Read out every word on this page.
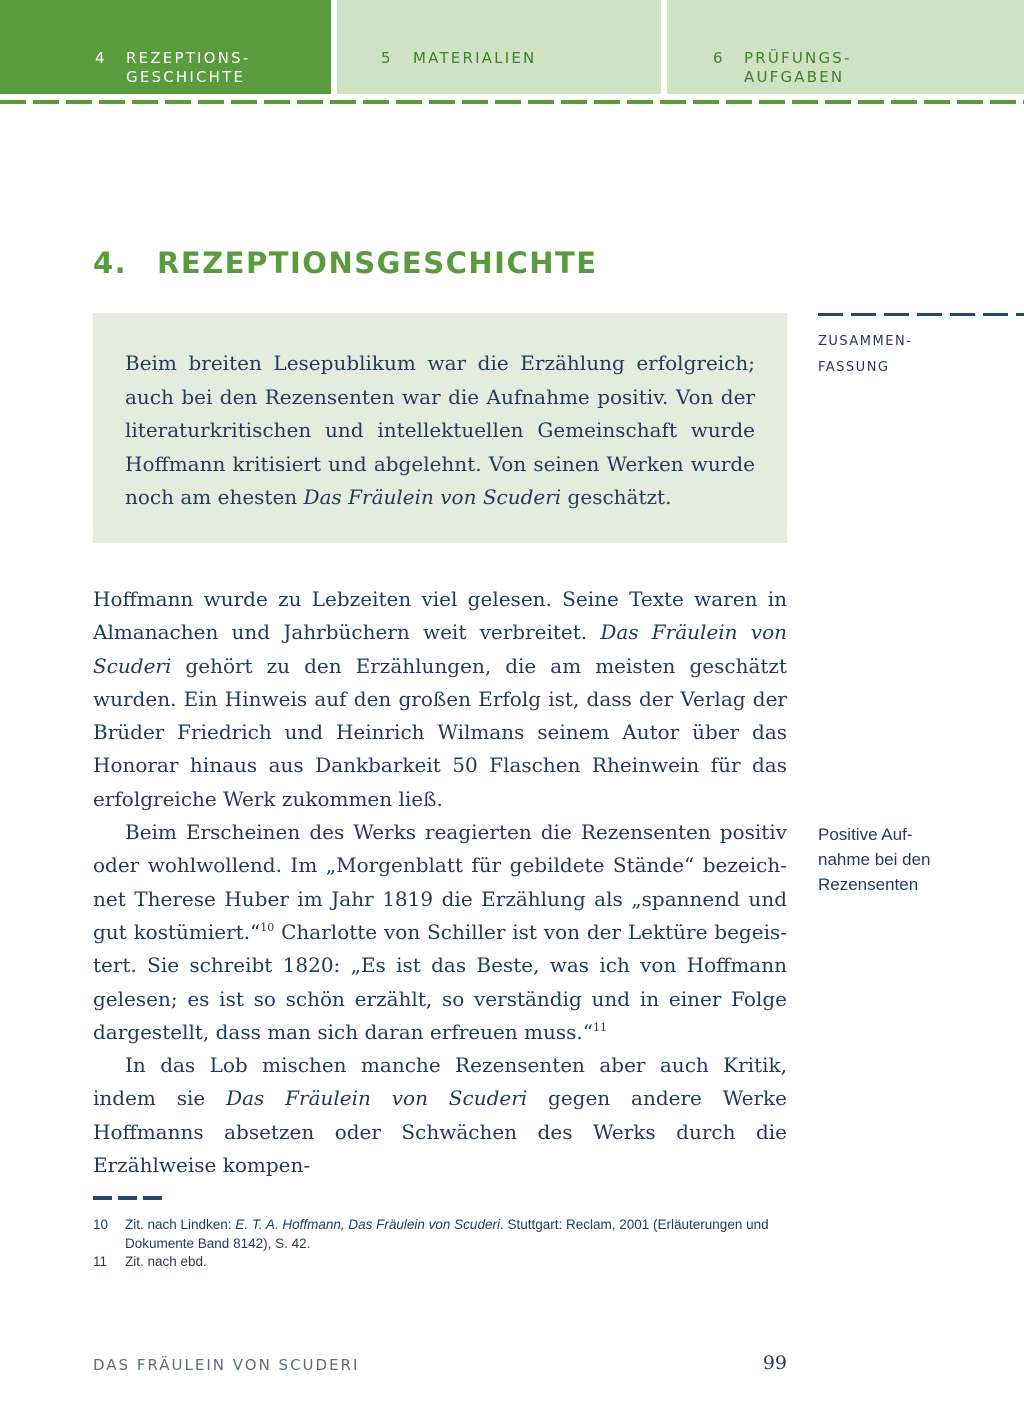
4 REZEPTIONS-
GESCHICHTE
5 MATERIALIEN	6 PRÜFUNGS-
AUFGABEN
4. REZEPTIONSGESCHICHTE
ZUSAMMEN-
FASSUNG
Positive Auf-
nahme bei den
Rezensenten

Beim breiten Lesepublikum war die Erzählung erfolgreich; auch bei den Rezensenten war die Aufnahme positiv. Von der literaturkritischen und intellektuellen Gemeinschaft wurde Hoffmann kritisiert und abgelehnt. Von seinen Werken wurde noch am ehesten Das Fräulein von Scuderi geschätzt.

Hoffmann wurde zu Lebzeiten viel gelesen. Seine Texte waren in Almanachen und Jahrbüchern weit verbreitet. Das Fräulein von Scuderi gehört zu den Erzählungen, die am meisten geschätzt wurden. Ein Hinweis auf den großen Erfolg ist, dass der Verlag der Brüder Friedrich und Heinrich Wilmans seinem Autor über das Honorar hinaus aus Dankbarkeit 50 Flaschen Rheinwein für das erfolgreiche Werk zukommen ließ.

Beim Erscheinen des Werks reagierten die Rezensenten positiv oder wohlwollend. Im „Morgenblatt für gebildete Stände“ bezeichnet Therese Huber im Jahr 1819 die Erzählung als „spannend und gut kostümiert.“$^{10}$ Charlotte von Schiller ist von der Lektüre begeistert. Sie schreibt 1820: „Es ist das Beste, was ich von Hoffmann gelesen; es ist so schön erzählt, so verständig und in einer Folge dargestellt, dass man sich daran erfreuen muss.“$^{11}$

In das Lob mischen manche Rezensenten aber auch Kritik, indem sie Das Fräulein von Scuderi gegen andere Werke Hoffmanns absetzen oder Schwächen des Werks durch die Erzählweise kompen-

10 Zit. nach Lindken: E. T. A. Hoffmann, Das Fräulein von Scuderi. Stuttgart: Reclam, 2001 (Erläuterungen und Dokumente Band 8142), S. 42.
11 Zit. nach ebd.
DAS FRÄULEIN VON SCUDERI	99
